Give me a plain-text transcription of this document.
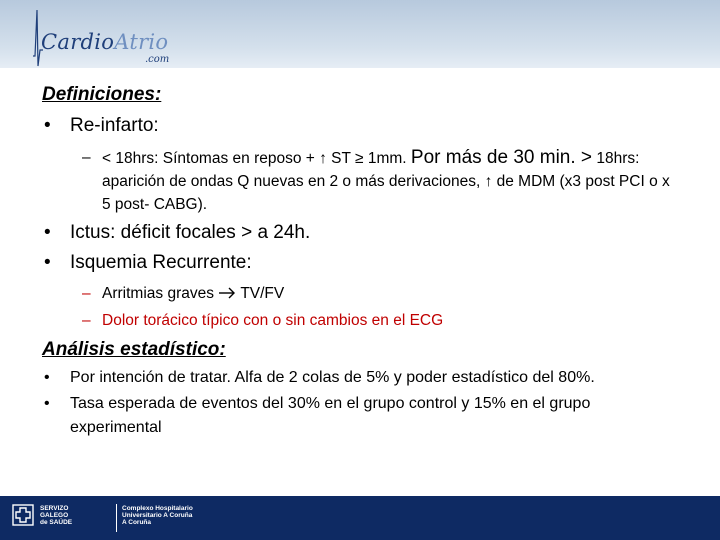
CardioAtrio
.com
Definiciones:
• Re-infarto:
– < 18hrs: Síntomas en reposo + ↑ ST ≥ 1mm. Por más de 30 min. > 18hrs: aparición de ondas Q nuevas en 2 o más derivaciones, ↑ de MDM (x3 post PCI o x 5 post- CABG).
• Ictus: déficit focales > a 24h.
• Isquemia Recurrente:
– Arritmias graves TV/FV
– Dolor torácico típico con o sin cambios en el ECG
Análisis estadístico:
• Por intención de tratar. Alfa de 2 colas de 5% y poder estadístico del 80%.
• Tasa esperada de eventos del 30% en el grupo control y 15% en el grupo experimental
SERVIZO
GALEGO
de SAÚDE
Complexo Hospitalario
Universitario A Coruña
A Coruña
